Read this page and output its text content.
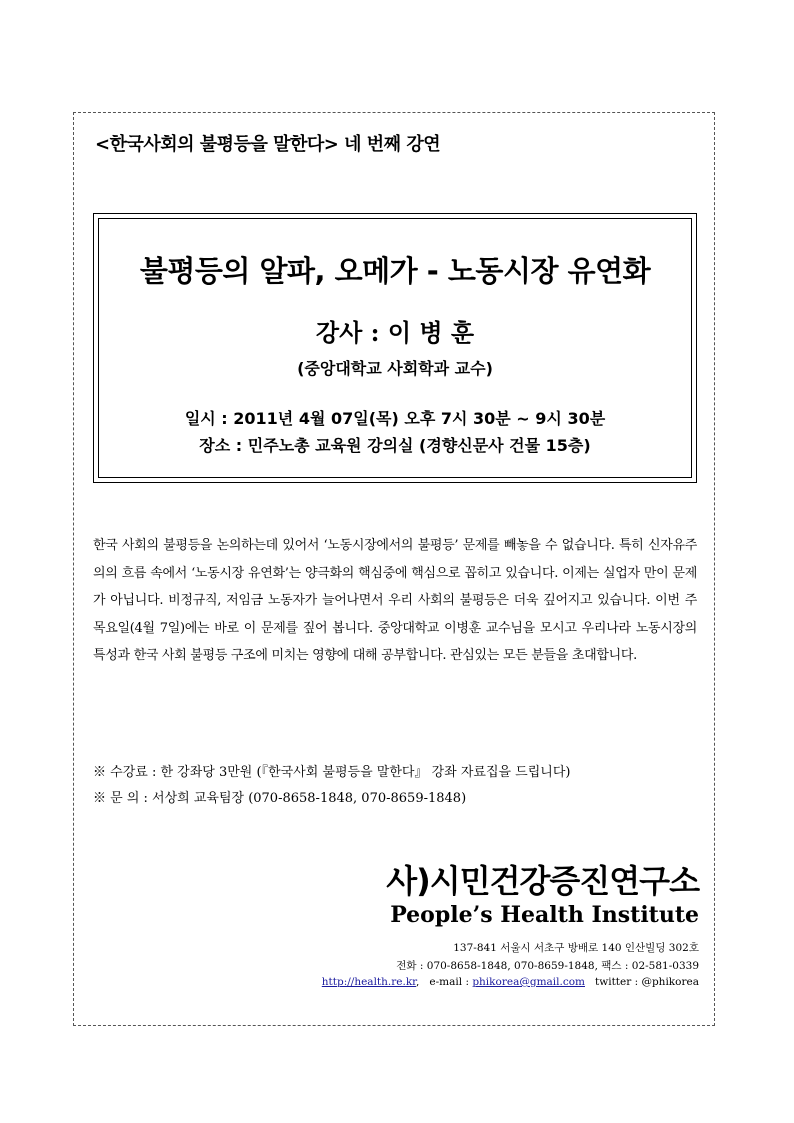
<한국사회의 불평등을 말한다> 네 번째 강연
불평등의 알파, 오메가 - 노동시장 유연화
강사 : 이 병 훈
(중앙대학교 사회학과 교수)
일시 : 2011년 4월 07일(목) 오후 7시 30분 ~ 9시 30분
장소 : 민주노총 교육원 강의실 (경향신문사 건물 15층)
한국 사회의 불평등을 논의하는데 있어서 ‘노동시장에서의 불평등’ 문제를 빼놓을 수 없습니다. 특히 신자유주의의 흐름 속에서 ‘노동시장 유연화’는 양극화의 핵심중에 핵심으로 꼽히고 있습니다. 이제는 실업자 만이 문제가 아닙니다. 비정규직, 저임금 노동자가 늘어나면서 우리 사회의 불평등은 더욱 깊어지고 있습니다. 이번 주 목요일(4월 7일)에는 바로 이 문제를 짚어 봅니다. 중앙대학교 이병훈 교수님을 모시고 우리나라 노동시장의 특성과 한국 사회 불평등 구조에 미치는 영향에 대해 공부합니다. 관심있는 모든 분들을 초대합니다.
※ 수강료 : 한 강좌당 3만원 (『한국사회 불평등을 말한다』 강좌 자료집을 드립니다)
※ 문 의 : 서상희 교육팀장 (070-8658-1848, 070-8659-1848)
사)시민건강증진연구소
People’s Health Institute
137-841 서울시 서초구 방배로 140 인산빌딩 302호
전화 : 070-8658-1848, 070-8659-1848, 팩스 : 02-581-0339
http://health.re.kr,   e-mail : phikorea@gmail.com twitter : @phikorea
